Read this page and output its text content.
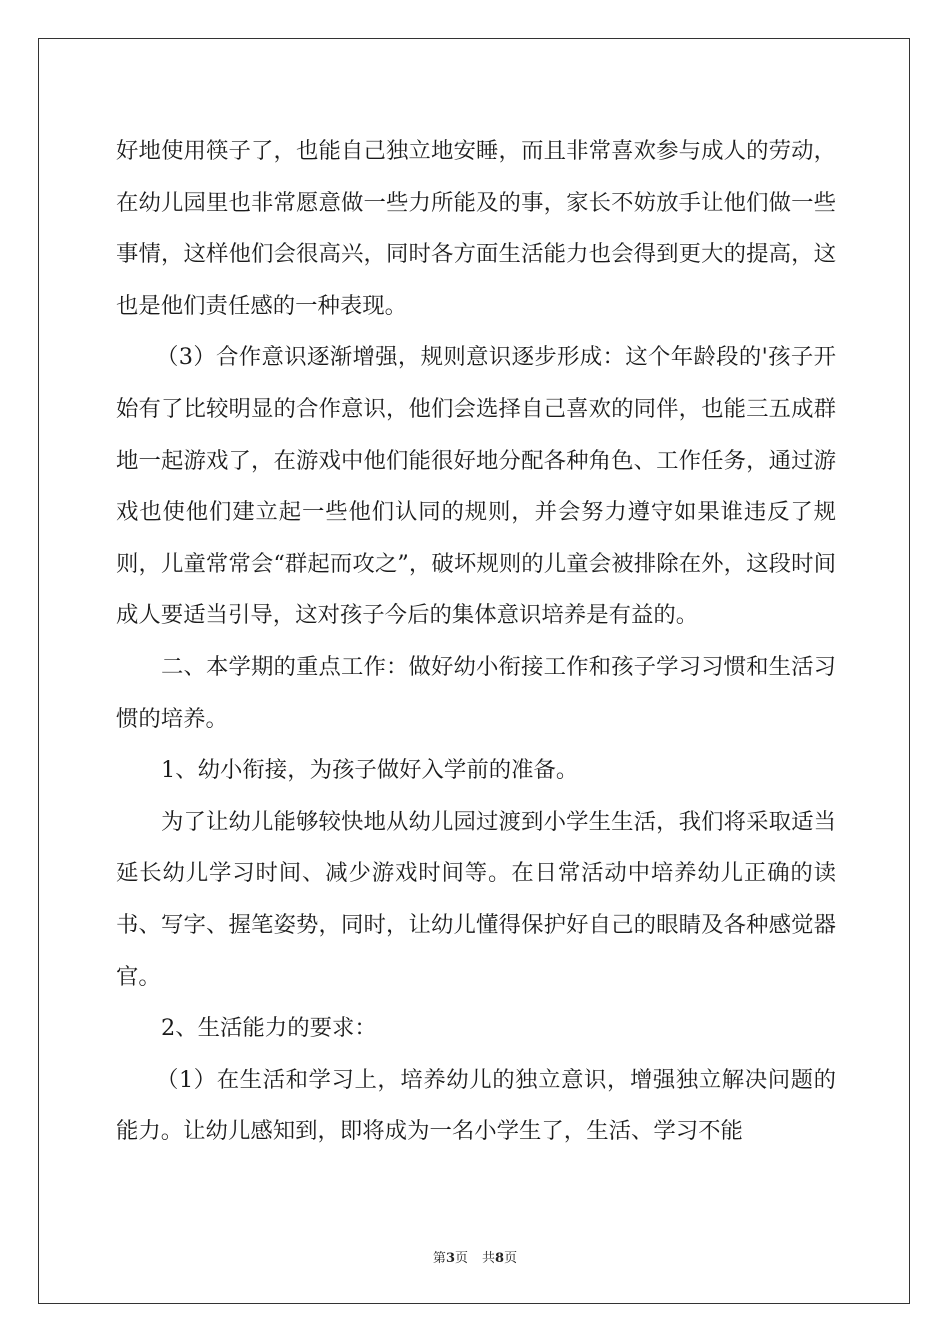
好地使用筷子了，也能自己独立地安睡，而且非常喜欢参与成人的劳动，在幼儿园里也非常愿意做一些力所能及的事，家长不妨放手让他们做一些事情，这样他们会很高兴，同时各方面生活能力也会得到更大的提高，这也是他们责任感的一种表现。

（3）合作意识逐渐增强，规则意识逐步形成：这个年龄段的'孩子开始有了比较明显的合作意识，他们会选择自己喜欢的同伴，也能三五成群地一起游戏了，在游戏中他们能很好地分配各种角色、工作任务，通过游戏也使他们建立起一些他们认同的规则，并会努力遵守如果谁违反了规则，儿童常常会“群起而攻之”，破坏规则的儿童会被排除在外，这段时间成人要适当引导，这对孩子今后的集体意识培养是有益的。

二、本学期的重点工作：做好幼小衔接工作和孩子学习习惯和生活习惯的培养。

1、幼小衔接，为孩子做好入学前的准备。

为了让幼儿能够较快地从幼儿园过渡到小学生生活，我们将采取适当延长幼儿学习时间、减少游戏时间等。在日常活动中培养幼儿正确的读书、写字、握笔姿势，同时，让幼儿懂得保护好自己的眼睛及各种感觉器官。

2、生活能力的要求：

（1）在生活和学习上，培养幼儿的独立意识，增强独立解决问题的能力。让幼儿感知到，即将成为一名小学生了，生活、学习不能

第3页 共8页
